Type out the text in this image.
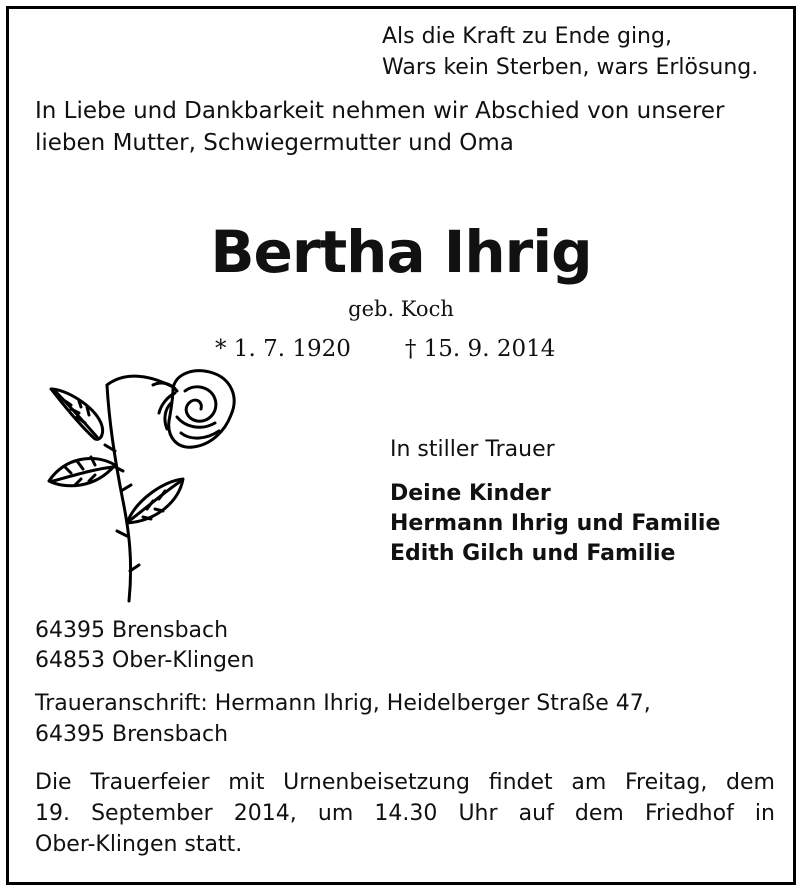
Als die Kraft zu Ende ging,
Wars kein Sterben, wars Erlösung.
In Liebe und Dankbarkeit nehmen wir Abschied von unserer
lieben Mutter, Schwiegermutter und Oma
Bertha Ihrig
geb. Koch
* 1. 7. 1920 † 15. 9. 2014
In stiller Trauer
Deine Kinder
Hermann Ihrig und Familie
Edith Gilch und Familie
64395 Brensbach
64853 Ober-Klingen
Traueranschrift: Hermann Ihrig, Heidelberger Straße 47,
64395 Brensbach
Die Trauerfeier mit Urnenbeisetzung findet am Freitag, dem
19. September 2014, um 14.30 Uhr auf dem Friedhof in
Ober-Klingen statt.
